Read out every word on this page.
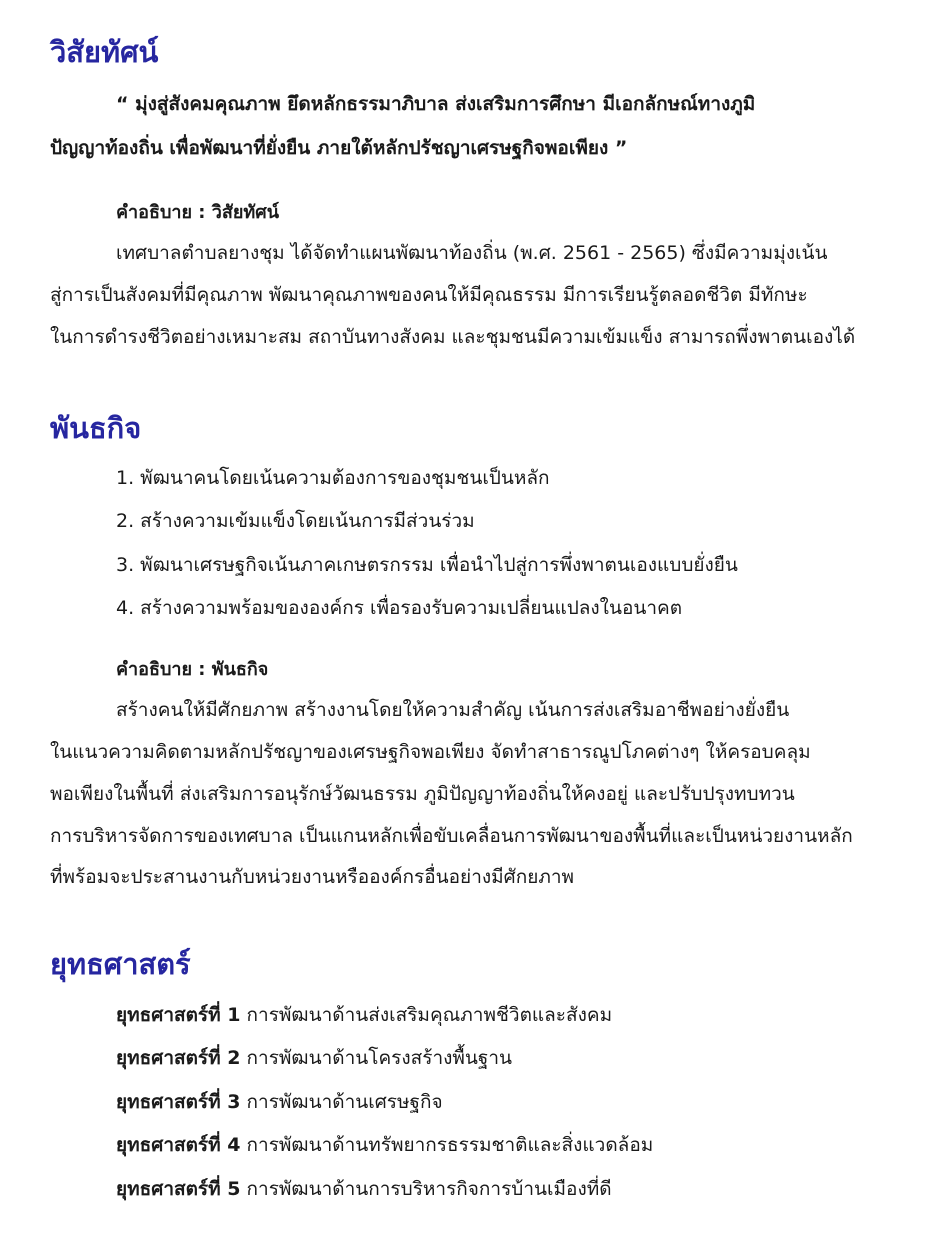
วิสัยทัศน์

“ มุ่งสู่สังคมคุณภาพ ยึดหลักธรรมาภิบาล ส่งเสริมการศึกษา มีเอกลักษณ์ทางภูมิ

ปัญญาท้องถิ่น เพื่อพัฒนาที่ยั่งยืน ภายใต้หลักปรัชญาเศรษฐกิจพอเพียง ”

คำอธิบาย : วิสัยทัศน์

เทศบาลตำบลยางชุม ได้จัดทำแผนพัฒนาท้องถิ่น (พ.ศ. 2561 - 2565) ซึ่งมีความมุ่งเน้น

สู่การเป็นสังคมที่มีคุณภาพ พัฒนาคุณภาพของคนให้มีคุณธรรม มีการเรียนรู้ตลอดชีวิต มีทักษะ

ในการดำรงชีวิตอย่างเหมาะสม สถาบันทางสังคม และชุมชนมีความเข้มแข็ง สามารถพึ่งพาตนเองได้

พันธกิจ

1. พัฒนาคนโดยเน้นความต้องการของชุมชนเป็นหลัก

2. สร้างความเข้มแข็งโดยเน้นการมีส่วนร่วม

3. พัฒนาเศรษฐกิจเน้นภาคเกษตรกรรม เพื่อนำไปสู่การพึ่งพาตนเองแบบยั่งยืน

4. สร้างความพร้อมขององค์กร เพื่อรองรับความเปลี่ยนแปลงในอนาคต

คำอธิบาย : พันธกิจ

สร้างคนให้มีศักยภาพ สร้างงานโดยให้ความสำคัญ เน้นการส่งเสริมอาชีพอย่างยั่งยืน

ในแนวความคิดตามหลักปรัชญาของเศรษฐกิจพอเพียง จัดทำสาธารณูปโภคต่างๆ ให้ครอบคลุม

พอเพียงในพื้นที่ ส่งเสริมการอนุรักษ์วัฒนธรรม ภูมิปัญญาท้องถิ่นให้คงอยู่ และปรับปรุงทบทวน

การบริหารจัดการของเทศบาล เป็นแกนหลักเพื่อขับเคลื่อนการพัฒนาของพื้นที่และเป็นหน่วยงานหลัก

ที่พร้อมจะประสานงานกับหน่วยงานหรือองค์กรอื่นอย่างมีศักยภาพ

ยุทธศาสตร์

ยุทธศาสตร์ที่ 1 การพัฒนาด้านส่งเสริมคุณภาพชีวิตและสังคม

ยุทธศาสตร์ที่ 2 การพัฒนาด้านโครงสร้างพื้นฐาน

ยุทธศาสตร์ที่ 3 การพัฒนาด้านเศรษฐกิจ

ยุทธศาสตร์ที่ 4 การพัฒนาด้านทรัพยากรธรรมชาติและสิ่งแวดล้อม

ยุทธศาสตร์ที่ 5 การพัฒนาด้านการบริหารกิจการบ้านเมืองที่ดี
